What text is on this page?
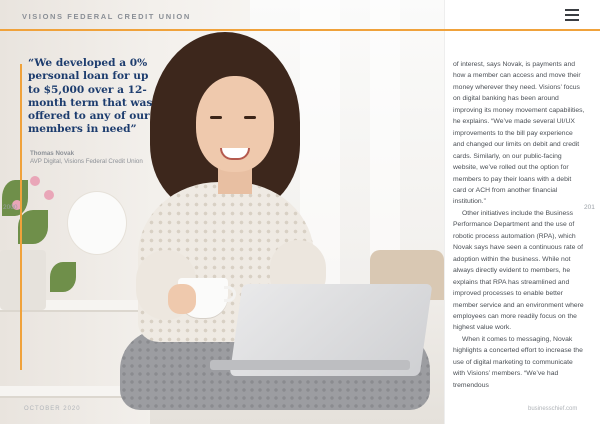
VISIONS FEDERAL CREDIT UNION
“We developed a 0% personal loan for up to $5,000 over a 12-month term that was offered to any of our members in need”
Thomas Novak
AVP Digital, Visions Federal Credit Union
2000	201

of interest, says Novak, is payments and how a member can access and move their money wherever they need. Visions’ focus on digital banking has been around improving its money movement capabilities, he explains. “We’ve made several UI/UX improvements to the bill pay experience and changed our limits on debit and credit cards. Similarly, on our public-facing website, we’ve rolled out the option for members to pay their loans with a debit card or ACH from another financial institution.”

Other initiatives include the Business Performance Department and the use of robotic process automation (RPA), which Novak says have seen a continuous rate of adoption within the business. While not always directly evident to members, he explains that RPA has streamlined and improved processes to enable better member service and an environment where employees can more readily focus on the highest value work.

When it comes to messaging, Novak highlights a concerted effort to increase the use of digital marketing to communicate with Visions’ members. “We’ve had tremendous

OCTOBER 2020	businesschief.com
